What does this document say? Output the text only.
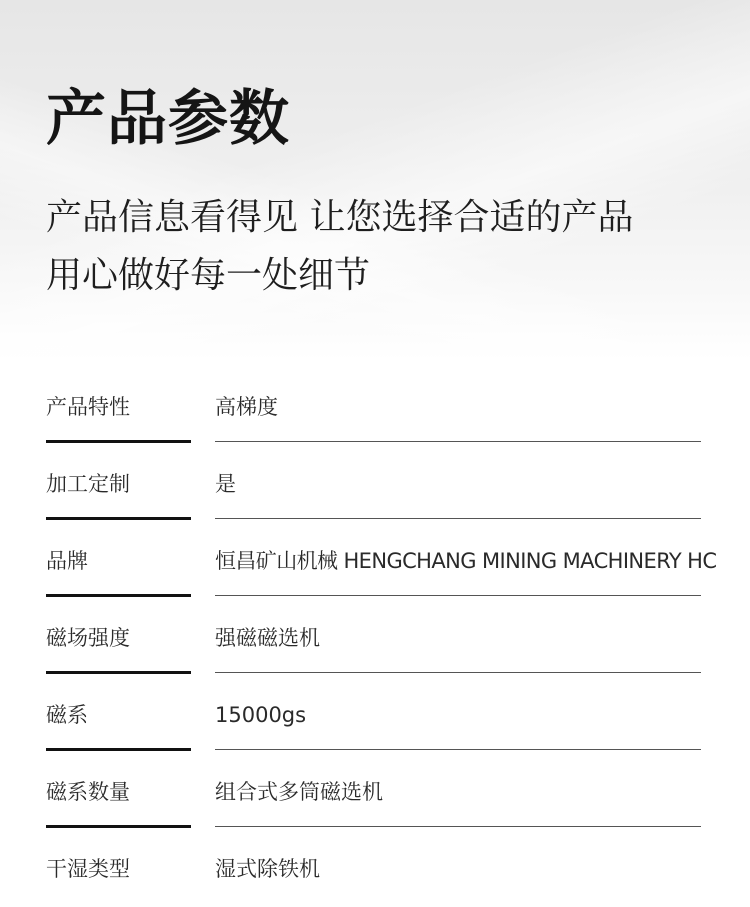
产品参数

产品信息看得见 让您选择合适的产品

用心做好每一处细节

产品特性	高梯度
加工定制	是
品牌	恒昌矿山机械 HENGCHANG MINING MACHINERY HC
磁场强度	强磁磁选机
磁系	15000gs
磁系数量	组合式多筒磁选机
干湿类型	湿式除铁机
